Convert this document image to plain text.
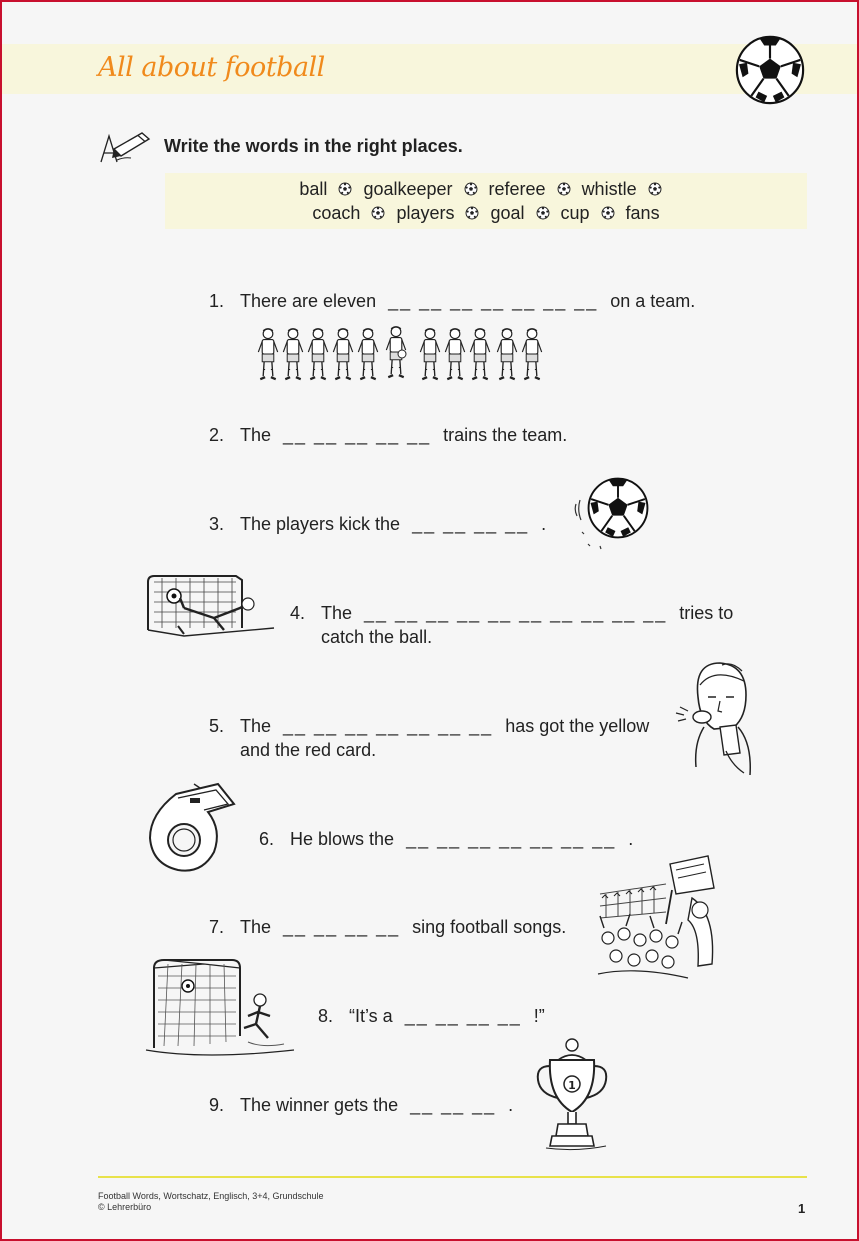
All about football
Write the words in the right places.
ball goalkeeper referee whistle
coach players goal cup fans
1. There are eleven __ __ __ __ __ __ __ on a team.
2. The __ __ __ __ __ trains the team.
3. The players kick the __ __ __ __ .
4. The __ __ __ __ __ __ __ __ __ __ tries to
catch the ball.
5. The __ __ __ __ __ __ __ has got the yellow
and the red card.
6. He blows the __ __ __ __ __ __ __ .
7. The __ __ __ __ sing football songs.
8. “It’s a __ __ __ __ !”
9. The winner gets the __ __ __ .
1
Football Words, Wortschatz, Englisch, 3+4, Grundschule
© Lehrerbüro	1
